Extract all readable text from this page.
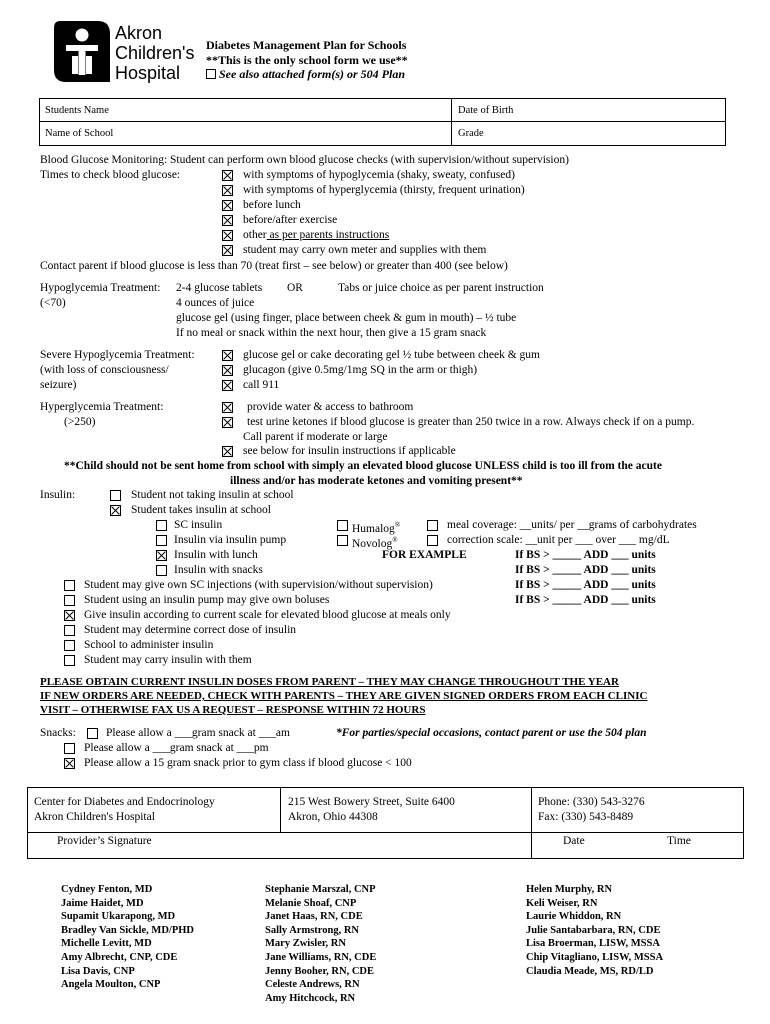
Akron
Children's
Hospital
Diabetes Management Plan for Schools
**This is the only school form we use**
See also attached form(s) or 504 Plan
Students Name	Date of Birth
Name of School	Grade
Blood Glucose Monitoring: Student can perform own blood glucose checks (with supervision/without supervision)
Times to check blood glucose:	with symptoms of hypoglycemia (shaky, sweaty, confused)
with symptoms of hyperglycemia (thirsty, frequent urination)
before lunch
before/after exercise
other as per parents instructions
student may carry own meter and supplies with them
Contact parent if blood glucose is less than 70 (treat first – see below) or greater than 400 (see below)
Hypoglycemia Treatment:
(<70)
2-4 glucose tablets OR	Tabs or juice choice as per parent instruction
4 ounces of juice
glucose gel (using finger, place between cheek & gum in mouth) – ½ tube
If no meal or snack within the next hour, then give a 15 gram snack
Severe Hypoglycemia Treatment:
(with loss of consciousness/
seizure)
glucose gel or cake decorating gel ½ tube between cheek & gum
glucagon (give 0.5mg/1mg SQ in the arm or thigh)
call 911
Hyperglycemia Treatment:
(>250)
provide water & access to bathroom
test urine ketones if blood glucose is greater than 250 twice in a row. Always check if on a pump.
Call parent if moderate or large
see below for insulin instructions if applicable
**Child should not be sent home from school with simply an elevated blood glucose UNLESS child is too ill from the acute
illness and/or has moderate ketones and vomiting present**
Insulin:	Student not taking insulin at school
Student takes insulin at school
SC insulin
Insulin via insulin pump
Insulin with lunch
Insulin with snacks
Humalog®
Novolog®
meal coverage: __units/ per __grams of carbohydrates
correction scale: __unit per ___ over ___ mg/dL
FOR EXAMPLE	If BS > _____ ADD ___ units
If BS > _____ ADD ___ units
If BS > _____ ADD ___ units
If BS > _____ ADD ___ units
Student may give own SC injections (with supervision/without supervision)
Student using an insulin pump may give own boluses
Give insulin according to current scale for elevated blood glucose at meals only
Student may determine correct dose of insulin
School to administer insulin
Student may carry insulin with them
PLEASE OBTAIN CURRENT INSULIN DOSES FROM PARENT – THEY MAY CHANGE THROUGHOUT THE YEAR
IF NEW ORDERS ARE NEEDED, CHECK WITH PARENTS – THEY ARE GIVEN SIGNED ORDERS FROM EACH CLINIC
VISIT – OTHERWISE FAX US A REQUEST – RESPONSE WITHIN 72 HOURS
Snacks:	Please allow a ___gram snack at ___am	*For parties/special occasions, contact parent or use the 504 plan
Please allow a ___gram snack at ___pm
Please allow a 15 gram snack prior to gym class if blood glucose < 100
Center for Diabetes and Endocrinology
Akron Children's Hospital
215 West Bowery Street, Suite 6400
Akron, Ohio 44308
Phone: (330) 543-3276
Fax: (330) 543-8489
Provider’s Signature	Date	Time
Cydney Fenton, MD
Jaime Haidet, MD
Supamit Ukarapong, MD
Bradley Van Sickle, MD/PHD
Michelle Levitt, MD
Amy Albrecht, CNP, CDE
Lisa Davis, CNP
Angela Moulton, CNP
Stephanie Marszal, CNP
Melanie Shoaf, CNP
Janet Haas, RN, CDE
Sally Armstrong, RN
Mary Zwisler, RN
Jane Williams, RN, CDE
Jenny Booher, RN, CDE
Celeste Andrews, RN
Amy Hitchcock, RN
Helen Murphy, RN
Keli Weiser, RN
Laurie Whiddon, RN
Julie Santabarbara, RN, CDE
Lisa Broerman, LISW, MSSA
Chip Vitagliano, LISW, MSSA
Claudia Meade, MS, RD/LD
